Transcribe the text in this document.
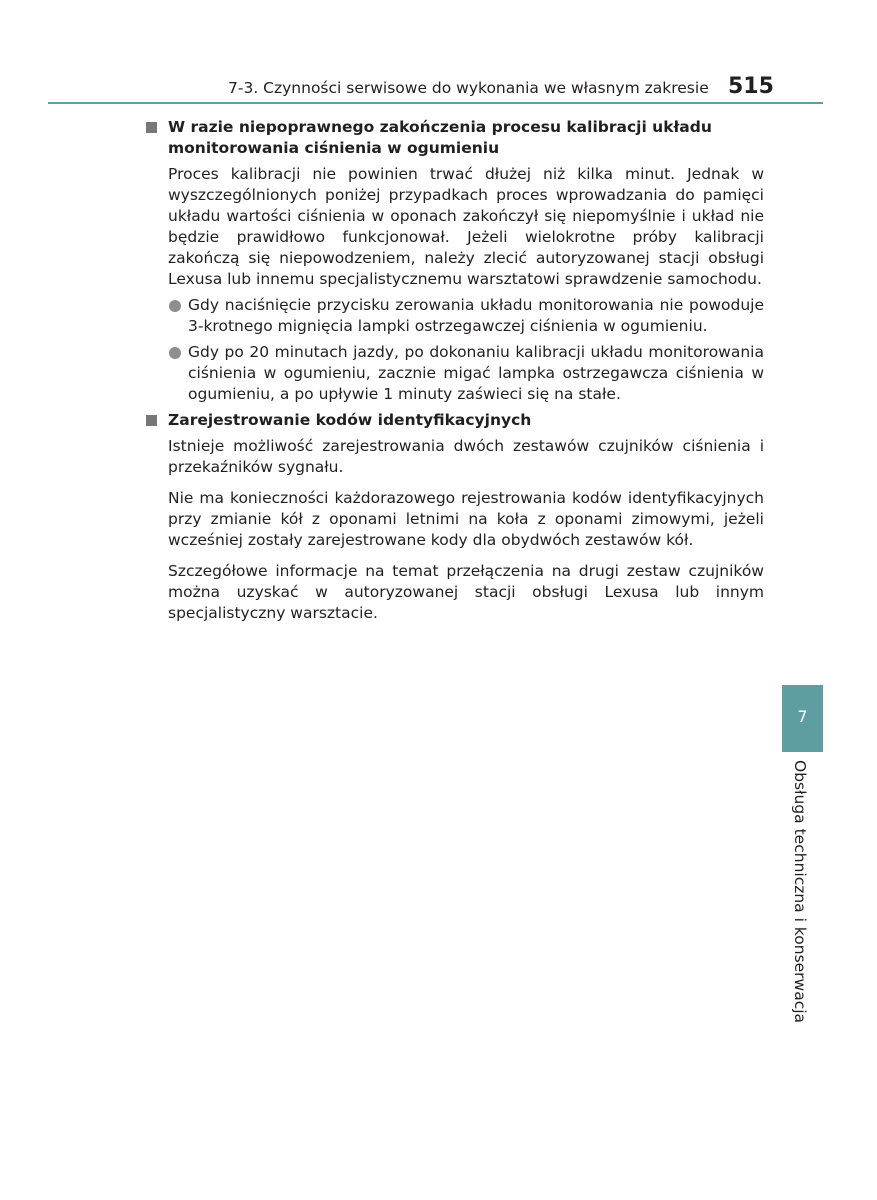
7-3. Czynności serwisowe do wykonania we własnym zakresie 515
W razie niepoprawnego zakończenia procesu kalibracji układu monitorowania ciśnienia w ogumieniu

Proces kalibracji nie powinien trwać dłużej niż kilka minut. Jednak w wyszczególnionych poniżej przypadkach proces wprowadzania do pamięci układu wartości ciśnienia w oponach zakończył się niepomyślnie i układ nie będzie prawidłowo funkcjonował. Jeżeli wielokrotne próby kalibracji zakończą się niepowodzeniem, należy zlecić autoryzowanej stacji obsługi Lexusa lub innemu specjalistycznemu warsztatowi sprawdzenie samochodu.

Gdy naciśnięcie przycisku zerowania układu monitorowania nie powoduje 3-krotnego mignięcia lampki ostrzegawczej ciśnienia w ogumieniu.
Gdy po 20 minutach jazdy, po dokonaniu kalibracji układu monitorowania ciśnienia w ogumieniu, zacznie migać lampka ostrzegawcza ciśnienia w ogumieniu, a po upływie 1 minuty zaświeci się na stałe.
Zarejestrowanie kodów identyfikacyjnych

Istnieje możliwość zarejestrowania dwóch zestawów czujników ciśnienia i przekaźników sygnału.

Nie ma konieczności każdorazowego rejestrowania kodów identyfikacyjnych przy zmianie kół z oponami letnimi na koła z oponami zimowymi, jeżeli wcześniej zostały zarejestrowane kody dla obydwóch zestawów kół.

Szczegółowe informacje na temat przełączenia na drugi zestaw czujników można uzyskać w autoryzowanej stacji obsługi Lexusa lub innym specjalistyczny warsztacie.

7
Obsługa techniczna i konserwacja
